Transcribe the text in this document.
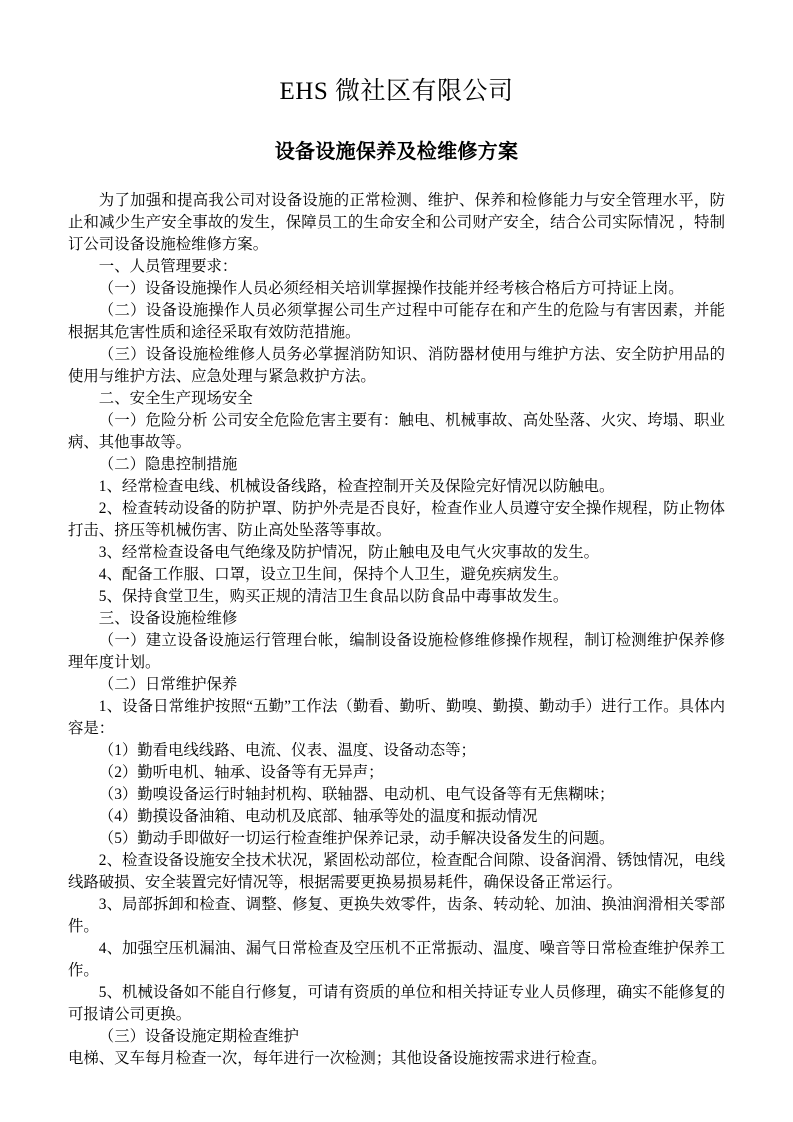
EHS 微社区有限公司
设备设施保养及检维修方案

为了加强和提高我公司对设备设施的正常检测、维护、保养和检修能力与安全管理水平，防止和减少生产安全事故的发生，保障员工的生命安全和公司财产安全，结合公司实际情况 ，特制订公司设备设施检维修方案。

一、人员管理要求：

（一）设备设施操作人员必须经相关培训掌握操作技能并经考核合格后方可持证上岗。

（二）设备设施操作人员必须掌握公司生产过程中可能存在和产生的危险与有害因素，并能根据其危害性质和途径采取有效防范措施。

（三）设备设施检维修人员务必掌握消防知识、消防器材使用与维护方法、安全防护用品的使用与维护方法、应急处理与紧急救护方法。

二、安全生产现场安全

（一）危险分析 公司安全危险危害主要有：触电、机械事故、高处坠落、火灾、垮塌、职业病、其他事故等。

（二）隐患控制措施

1、经常检查电线、机械设备线路，检查控制开关及保险完好情况以防触电。

2、检查转动设备的防护罩、防护外壳是否良好，检查作业人员遵守安全操作规程，防止物体打击、挤压等机械伤害、防止高处坠落等事故。

3、经常检查设备电气绝缘及防护情况，防止触电及电气火灾事故的发生。

4、配备工作服、口罩，设立卫生间，保持个人卫生，避免疾病发生。

5、保持食堂卫生，购买正规的清洁卫生食品以防食品中毒事故发生。

三、设备设施检维修

（一）建立设备设施运行管理台帐，编制设备设施检修维修操作规程，制订检测维护保养修理年度计划。

（二）日常维护保养

1、设备日常维护按照“五勤”工作法（勤看、勤听、勤嗅、勤摸、勤动手）进行工作。具体内容是：

（1）勤看电线线路、电流、仪表、温度、设备动态等；

（2）勤听电机、轴承、设备等有无异声；

（3）勤嗅设备运行时轴封机构、联轴器、电动机、电气设备等有无焦糊味；

（4）勤摸设备油箱、电动机及底部、轴承等处的温度和振动情况

（5）勤动手即做好一切运行检查维护保养记录，动手解决设备发生的问题。

2、检查设备设施安全技术状况，紧固松动部位，检查配合间隙、设备润滑、锈蚀情况，电线线路破损、安全装置完好情况等，根据需要更换易损易耗件，确保设备正常运行。

3、局部拆卸和检查、调整、修复、更换失效零件，齿条、转动轮、加油、换油润滑相关零部件。

4、加强空压机漏油、漏气日常检查及空压机不正常振动、温度、噪音等日常检查维护保养工作。

5、机械设备如不能自行修复，可请有资质的单位和相关持证专业人员修理，确实不能修复的可报请公司更换。

（三）设备设施定期检查维护

电梯、叉车每月检查一次，每年进行一次检测；其他设备设施按需求进行检查。
